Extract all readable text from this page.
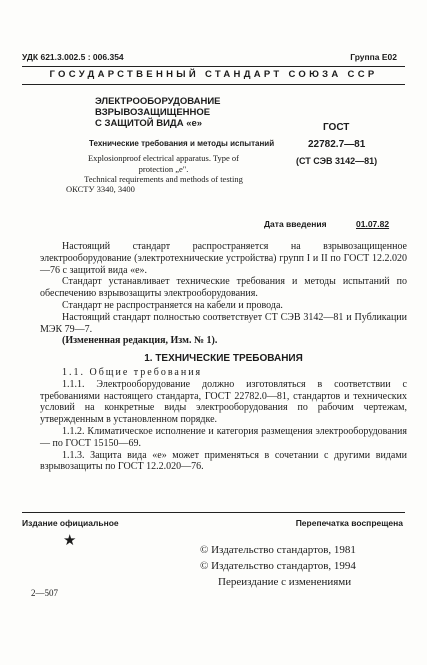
УДК 621.3.002.5 : 006.354	Группа Е02
ГОСУДАРСТВЕННЫЙ СТАНДАРТ СОЮЗА ССР
ЭЛЕКТРООБОРУДОВАНИЕ
ВЗРЫВОЗАЩИЩЕННОЕ
С ЗАЩИТОЙ ВИДА «е»
Технические требования и методы испытаний
Explosionproof electrical apparatus. Type of
protection „e".
Technical requirements and methods of testing
ОКСТУ 3340, 3400
ГОСТ
22782.7—81
(СТ СЭВ 3142—81)
Дата введения	01.07.82

Настоящий стандарт распространяется на взрывозащищенное электрооборудование (электротехнические устройства) групп I и II по ГОСТ 12.2.020—76 с защитой вида «е».

Стандарт устанавливает технические требования и методы испытаний по обеспечению взрывозащиты электрооборудования.

Стандарт не распространяется на кабели и провода.

Настоящий стандарт полностью соответствует СТ СЭВ 3142—81 и Публикации МЭК 79—7.

(Измененная редакция, Изм. № 1).

1. ТЕХНИЧЕСКИЕ ТРЕБОВАНИЯ

1.1. Общие требования

1.1.1. Электрооборудование должно изготовляться в соответствии с требованиями настоящего стандарта, ГОСТ 22782.0—81, стандартов и технических условий на конкретные виды электрооборудования по рабочим чертежам, утвержденным в установленном порядке.

1.1.2. Климатическое исполнение и категория размещения электрооборудования — по ГОСТ 15150—69.

1.1.3. Защита вида «е» может применяться в сочетании с другими видами взрывозащиты по ГОСТ 12.2.020—76.

Издание официальное	Перепечатка воспрещена
★
© Издательство стандартов, 1981
© Издательство стандартов, 1994
Переиздание с изменениями
2—507
